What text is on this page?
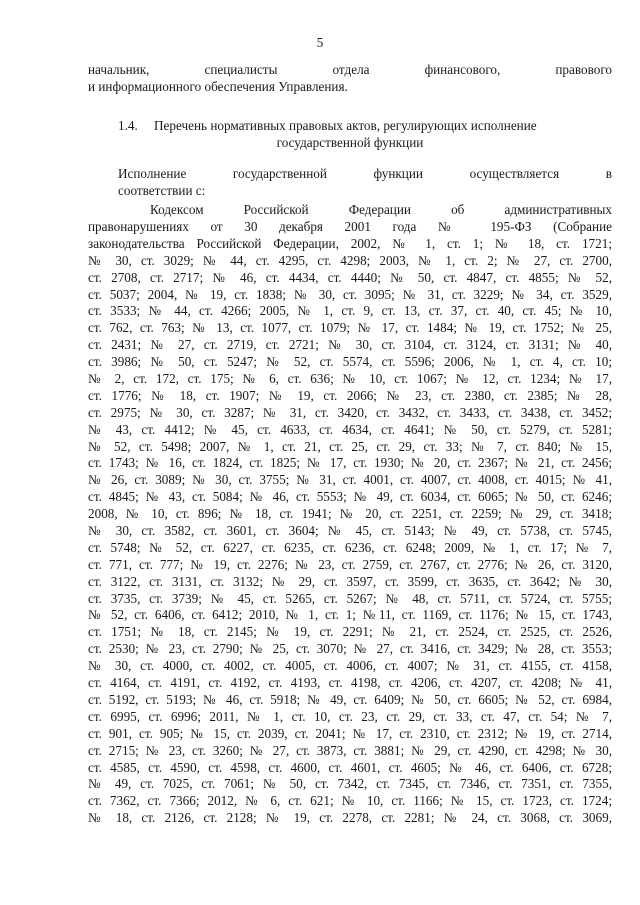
5
начальник, специалисты отдела финансового, правового
и информационного обеспечения Управления.
1.4. Перечень нормативных правовых актов, регулирующих исполнение
государственной функции
Исполнение государственной функции осуществляется в
соответствии с:
Кодексом Российской Федерации об административных
правонарушениях от 30 декабря 2001 года № 195-ФЗ (Собрание
законодательства Российской Федерации, 2002, № 1, ст. 1; № 18, ст. 1721;
№ 30, ст. 3029; № 44, ст. 4295, ст. 4298; 2003, № 1, ст. 2; № 27, ст. 2700,
ст. 2708, ст. 2717; № 46, ст. 4434, ст. 4440; № 50, ст. 4847, ст. 4855; № 52,
ст. 5037; 2004, № 19, ст. 1838; № 30, ст. 3095; № 31, ст. 3229; № 34, ст. 3529,
ст. 3533; № 44, ст. 4266; 2005, № 1, ст. 9, ст. 13, ст. 37, ст. 40, ст. 45; № 10,
ст. 762, ст. 763; № 13, ст. 1077, ст. 1079; № 17, ст. 1484; № 19, ст. 1752; № 25,
ст. 2431; № 27, ст. 2719, ст. 2721; № 30, ст. 3104, ст. 3124, ст. 3131; № 40,
ст. 3986; № 50, ст. 5247; № 52, ст. 5574, ст. 5596; 2006, № 1, ст. 4, ст. 10;
№ 2, ст. 172, ст. 175; № 6, ст. 636; № 10, ст. 1067; № 12, ст. 1234; № 17,
ст. 1776; № 18, ст. 1907; № 19, ст. 2066; № 23, ст. 2380, ст. 2385; № 28,
ст. 2975; № 30, ст. 3287; № 31, ст. 3420, ст. 3432, ст. 3433, ст. 3438, ст. 3452;
№ 43, ст. 4412; № 45, ст. 4633, ст. 4634, ст. 4641; № 50, ст. 5279, ст. 5281;
№ 52, ст. 5498; 2007, № 1, ст. 21, ст. 25, ст. 29, ст. 33; № 7, ст. 840; № 15,
ст. 1743; № 16, ст. 1824, ст. 1825; № 17, ст. 1930; № 20, ст. 2367; № 21, ст. 2456;
№ 26, ст. 3089; № 30, ст. 3755; № 31, ст. 4001, ст. 4007, ст. 4008, ст. 4015; № 41,
ст. 4845; № 43, ст. 5084; № 46, ст. 5553; № 49, ст. 6034, ст. 6065; № 50, ст. 6246;
2008, № 10, ст. 896; № 18, ст. 1941; № 20, ст. 2251, ст. 2259; № 29, ст. 3418;
№ 30, ст. 3582, ст. 3601, ст. 3604; № 45, ст. 5143; № 49, ст. 5738, ст. 5745,
ст. 5748; № 52, ст. 6227, ст. 6235, ст. 6236, ст. 6248; 2009, № 1, ст. 17; № 7,
ст. 771, ст. 777; № 19, ст. 2276; № 23, ст. 2759, ст. 2767, ст. 2776; № 26, ст. 3120,
ст. 3122, ст. 3131, ст. 3132; № 29, ст. 3597, ст. 3599, ст. 3635, ст. 3642; № 30,
ст. 3735, ст. 3739; № 45, ст. 5265, ст. 5267; № 48, ст. 5711, ст. 5724, ст. 5755;
№ 52, ст. 6406, ст. 6412; 2010, № 1, ст. 1; №11, ст. 1169, ст. 1176; № 15, ст. 1743,
ст. 1751; № 18, ст. 2145; № 19, ст. 2291; № 21, ст. 2524, ст. 2525, ст. 2526,
ст. 2530; № 23, ст. 2790; № 25, ст. 3070; № 27, ст. 3416, ст. 3429; № 28, ст. 3553;
№ 30, ст. 4000, ст. 4002, ст. 4005, ст. 4006, ст. 4007; № 31, ст. 4155, ст. 4158,
ст. 4164, ст. 4191, ст. 4192, ст. 4193, ст. 4198, ст. 4206, ст. 4207, ст. 4208; № 41,
ст. 5192, ст. 5193; № 46, ст. 5918; № 49, ст. 6409; № 50, ст. 6605; № 52, ст. 6984,
ст. 6995, ст. 6996; 2011, № 1, ст. 10, ст. 23, ст. 29, ст. 33, ст. 47, ст. 54; № 7,
ст. 901, ст. 905; № 15, ст. 2039, ст. 2041; № 17, ст. 2310, ст. 2312; № 19, ст. 2714,
ст. 2715; № 23, ст. 3260; № 27, ст. 3873, ст. 3881; № 29, ст. 4290, ст. 4298; № 30,
ст. 4585, ст. 4590, ст. 4598, ст. 4600, ст. 4601, ст. 4605; № 46, ст. 6406, ст. 6728;
№ 49, ст. 7025, ст. 7061; № 50, ст. 7342, ст. 7345, ст. 7346, ст. 7351, ст. 7355,
ст. 7362, ст. 7366; 2012, № 6, ст. 621; № 10, ст. 1166; № 15, ст. 1723, ст. 1724;
№ 18, ст. 2126, ст. 2128; № 19, ст. 2278, ст. 2281; № 24, ст. 3068, ст. 3069,
